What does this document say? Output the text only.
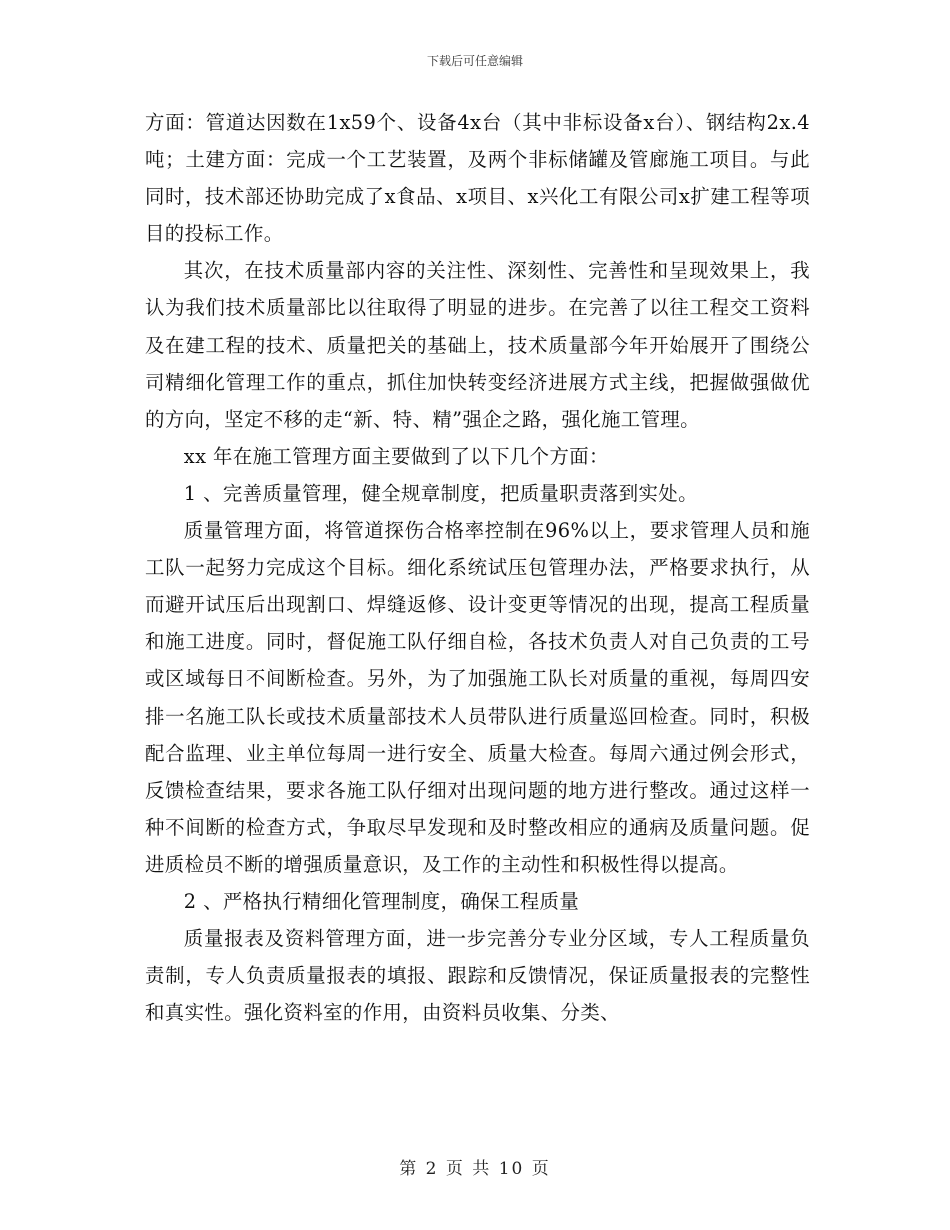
下载后可任意编辑

方面：管道达因数在1x59个、设备4x台（其中非标设备x台）、钢结构2x.4吨；土建方面：完成一个工艺装置，及两个非标储罐及管廊施工项目。与此同时，技术部还协助完成了x食品、x项目、x兴化工有限公司x扩建工程等项目的投标工作。

其次，在技术质量部内容的关注性、深刻性、完善性和呈现效果上，我认为我们技术质量部比以往取得了明显的进步。在完善了以往工程交工资料及在建工程的技术、质量把关的基础上，技术质量部今年开始展开了围绕公司精细化管理工作的重点，抓住加快转变经济进展方式主线，把握做强做优的方向，坚定不移的走“新、特、精”强企之路，强化施工管理。

xx 年在施工管理方面主要做到了以下几个方面：

1 、完善质量管理，健全规章制度，把质量职责落到实处。

质量管理方面，将管道探伤合格率控制在96%以上，要求管理人员和施工队一起努力完成这个目标。细化系统试压包管理办法，严格要求执行，从而避开试压后出现割口、焊缝返修、设计变更等情况的出现，提高工程质量和施工进度。同时，督促施工队仔细自检，各技术负责人对自己负责的工号或区域每日不间断检查。另外，为了加强施工队长对质量的重视，每周四安排一名施工队长或技术质量部技术人员带队进行质量巡回检查。同时，积极配合监理、业主单位每周一进行安全、质量大检查。每周六通过例会形式，反馈检查结果，要求各施工队仔细对出现问题的地方进行整改。通过这样一种不间断的检查方式，争取尽早发现和及时整改相应的通病及质量问题。促进质检员不断的增强质量意识，及工作的主动性和积极性得以提高。

2 、严格执行精细化管理制度，确保工程质量

质量报表及资料管理方面，进一步完善分专业分区域，专人工程质量负责制，专人负责质量报表的填报、跟踪和反馈情况，保证质量报表的完整性和真实性。强化资料室的作用，由资料员收集、分类、

第 2 页 共 10 页
